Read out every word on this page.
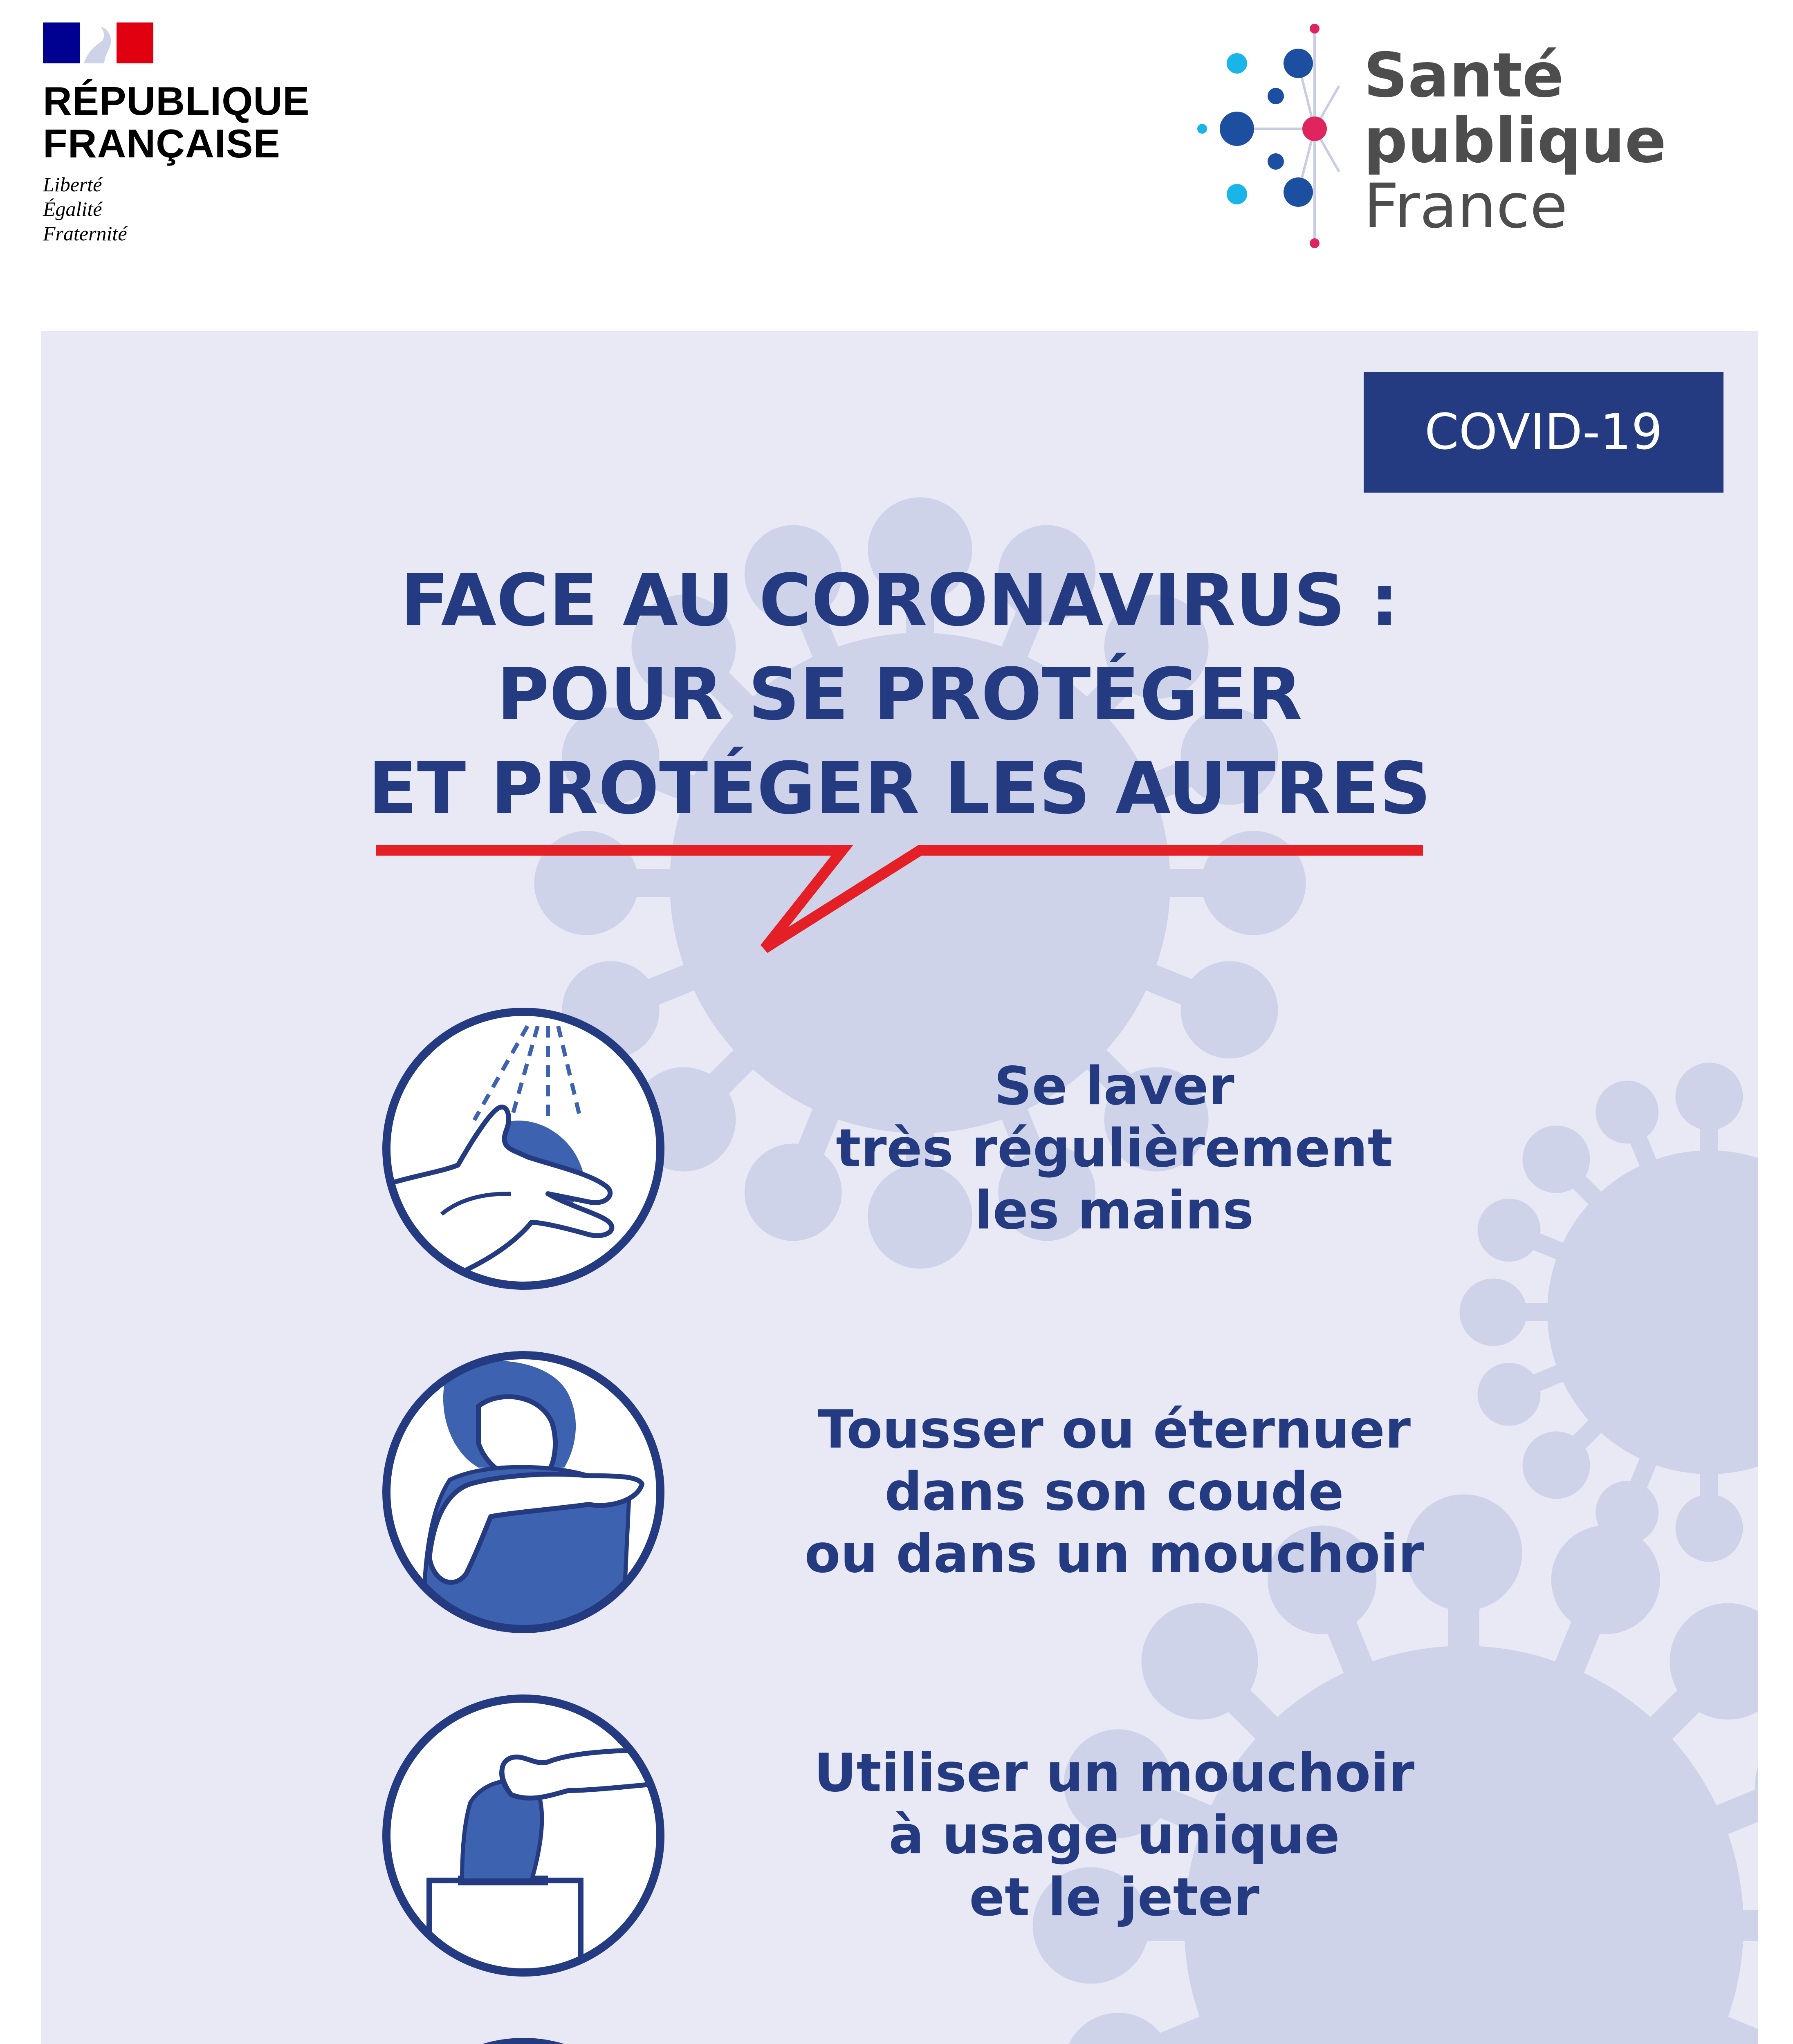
RÉPUBLIQUE
FRANÇAISE
Liberté
Égalité
Fraternité
Santé
publique
France
COVID-19
FACE AU CORONAVIRUS :
POUR SE PROTÉGER
ET PROTÉGER LES AUTRES
Se laver
très régulièrement
les mains
Tousser ou éternuer
dans son coude
ou dans un mouchoir
Utiliser un mouchoir
à usage unique
et le jeter
